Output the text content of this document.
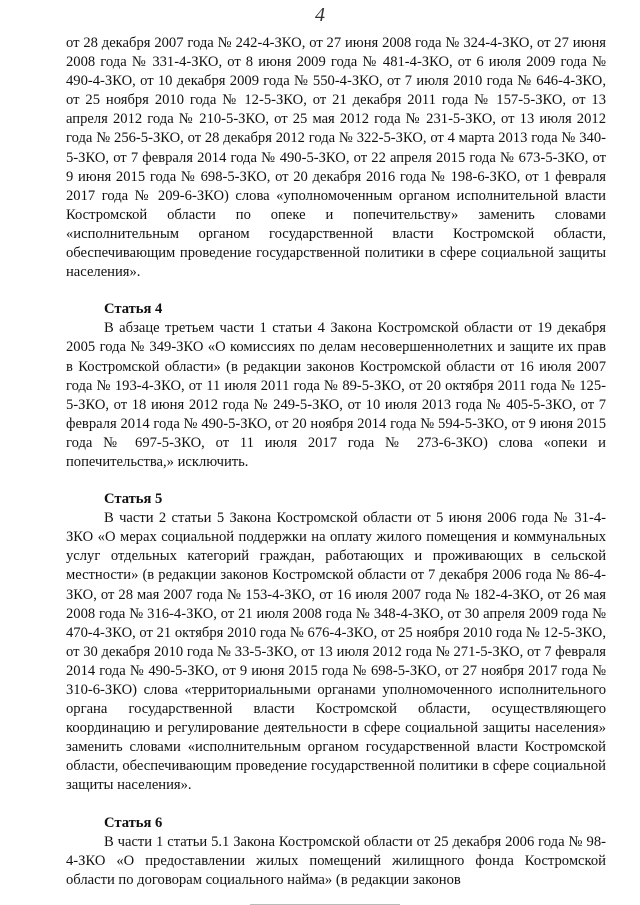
4

от 28 декабря 2007 года № 242-4-ЗКО, от 27 июня 2008 года № 324-4-ЗКО, от 27 июня 2008 года № 331-4-ЗКО, от 8 июня 2009 года № 481-4-ЗКО, от 6 июля 2009 года № 490-4-ЗКО, от 10 декабря 2009 года № 550-4-ЗКО, от 7 июля 2010 года № 646-4-ЗКО, от 25 ноября 2010 года № 12-5-ЗКО, от 21 декабря 2011 года № 157-5-ЗКО, от 13 апреля 2012 года № 210-5-ЗКО, от 25 мая 2012 года № 231-5-ЗКО, от 13 июля 2012 года № 256-5-ЗКО, от 28 декабря 2012 года № 322-5-ЗКО, от 4 марта 2013 года № 340-5-ЗКО, от 7 февраля 2014 года № 490-5-ЗКО, от 22 апреля 2015 года № 673-5-ЗКО, от 9 июня 2015 года № 698-5-ЗКО, от 20 декабря 2016 года № 198-6-ЗКО, от 1 февраля 2017 года № 209-6-ЗКО) слова «уполномоченным органом исполнительной власти Костромской области по опеке и попечительству» заменить словами «исполнительным органом государственной власти Костромской области, обеспечивающим проведение государственной политики в сфере социальной защиты населения».

Статья 4

В абзаце третьем части 1 статьи 4 Закона Костромской области от 19 декабря 2005 года № 349-ЗКО «О комиссиях по делам несовершеннолетних и защите их прав в Костромской области» (в редакции законов Костромской области от 16 июля 2007 года № 193-4-ЗКО, от 11 июля 2011 года № 89-5-ЗКО, от 20 октября 2011 года № 125-5-ЗКО, от 18 июня 2012 года № 249-5-ЗКО, от 10 июля 2013 года № 405-5-ЗКО, от 7 февраля 2014 года № 490-5-ЗКО, от 20 ноября 2014 года № 594-5-ЗКО, от 9 июня 2015 года № 697-5-ЗКО, от 11 июля 2017 года № 273-6-ЗКО) слова «опеки и попечительства,» исключить.

Статья 5

В части 2 статьи 5 Закона Костромской области от 5 июня 2006 года № 31-4-ЗКО «О мерах социальной поддержки на оплату жилого помещения и коммунальных услуг отдельных категорий граждан, работающих и проживающих в сельской местности» (в редакции законов Костромской области от 7 декабря 2006 года № 86-4-ЗКО, от 28 мая 2007 года № 153-4-ЗКО, от 16 июля 2007 года № 182-4-ЗКО, от 26 мая 2008 года № 316-4-ЗКО, от 21 июля 2008 года № 348-4-ЗКО, от 30 апреля 2009 года № 470-4-ЗКО, от 21 октября 2010 года № 676-4-ЗКО, от 25 ноября 2010 года № 12-5-ЗКО, от 30 декабря 2010 года № 33-5-ЗКО, от 13 июля 2012 года № 271-5-ЗКО, от 7 февраля 2014 года № 490-5-ЗКО, от 9 июня 2015 года № 698-5-ЗКО, от 27 ноября 2017 года № 310-6-ЗКО) слова «территориальными органами уполномоченного исполнительного органа государственной власти Костромской области, осуществляющего координацию и регулирование деятельности в сфере социальной защиты населения» заменить словами «исполнительным органом государственной власти Костромской области, обеспечивающим проведение государственной политики в сфере социальной защиты населения».

Статья 6

В части 1 статьи 5.1 Закона Костромской области от 25 декабря 2006 года № 98-4-ЗКО «О предоставлении жилых помещений жилищного фонда Костромской области по договорам социального найма» (в редакции законов
